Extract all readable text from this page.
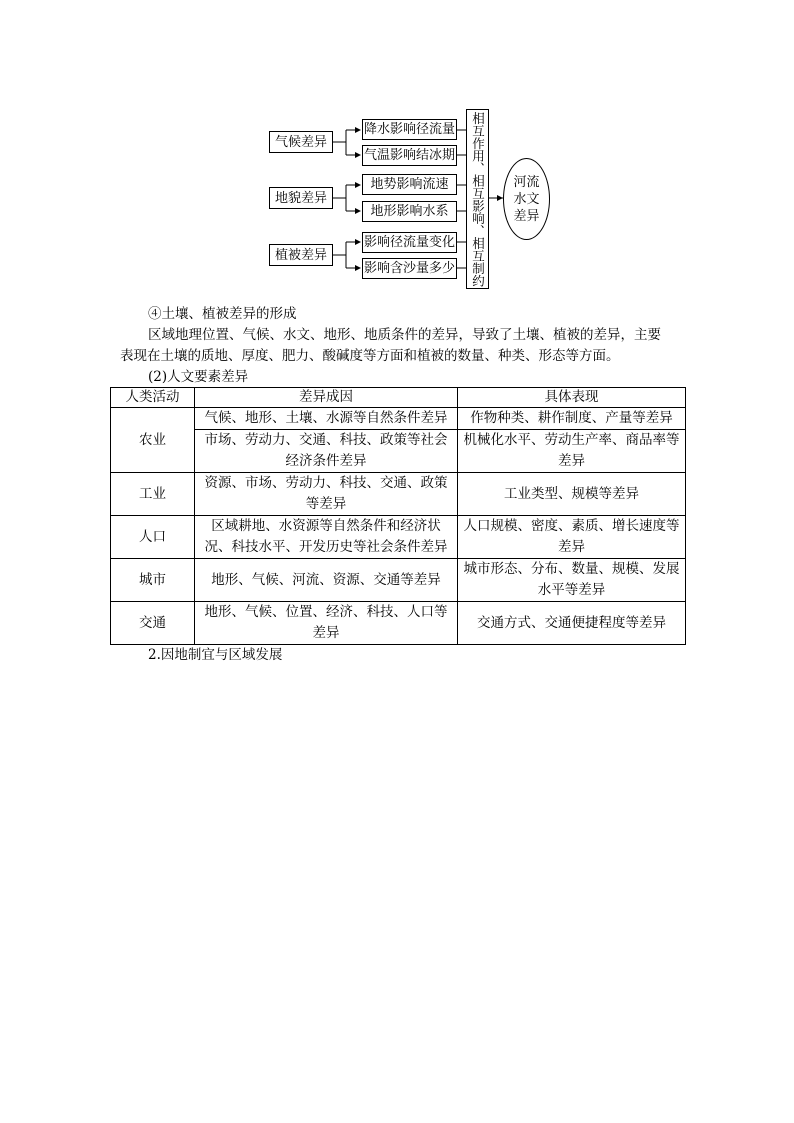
气候差异
地貌差异
植被差异
降水影响径流量
气温影响结冰期
地势影响流速
地形影响水系
影响径流量变化
影响含沙量多少	相互作用、相互影响、相互制约 河流
水文
差异
④土壤、植被差异的形成
区域地理位置、气候、水文、地形、地质条件的差异，导致了土壤、植被的差异，主要
表现在土壤的质地、厚度、肥力、酸碱度等方面和植被的数量、种类、形态等方面。
(2)人文要素差异
人类活动	差异成因	具体表现
农业	气候、地形、土壤、水源等自然条件差异	作物种类、耕作制度、产量等差异
	市场、劳动力、交通、科技、政策等社会经济条件差异	机械化水平、劳动生产率、商品率等差异
工业	资源、市场、劳动力、科技、交通、政策等差异	工业类型、规模等差异
人口	区域耕地、水资源等自然条件和经济状况、科技水平、开发历史等社会条件差异	人口规模、密度、素质、增长速度等差异
城市	地形、气候、河流、资源、交通等差异	城市形态、分布、数量、规模、发展水平等差异
交通	地形、气候、位置、经济、科技、人口等差异	交通方式、交通便捷程度等差异
2.因地制宜与区域发展
